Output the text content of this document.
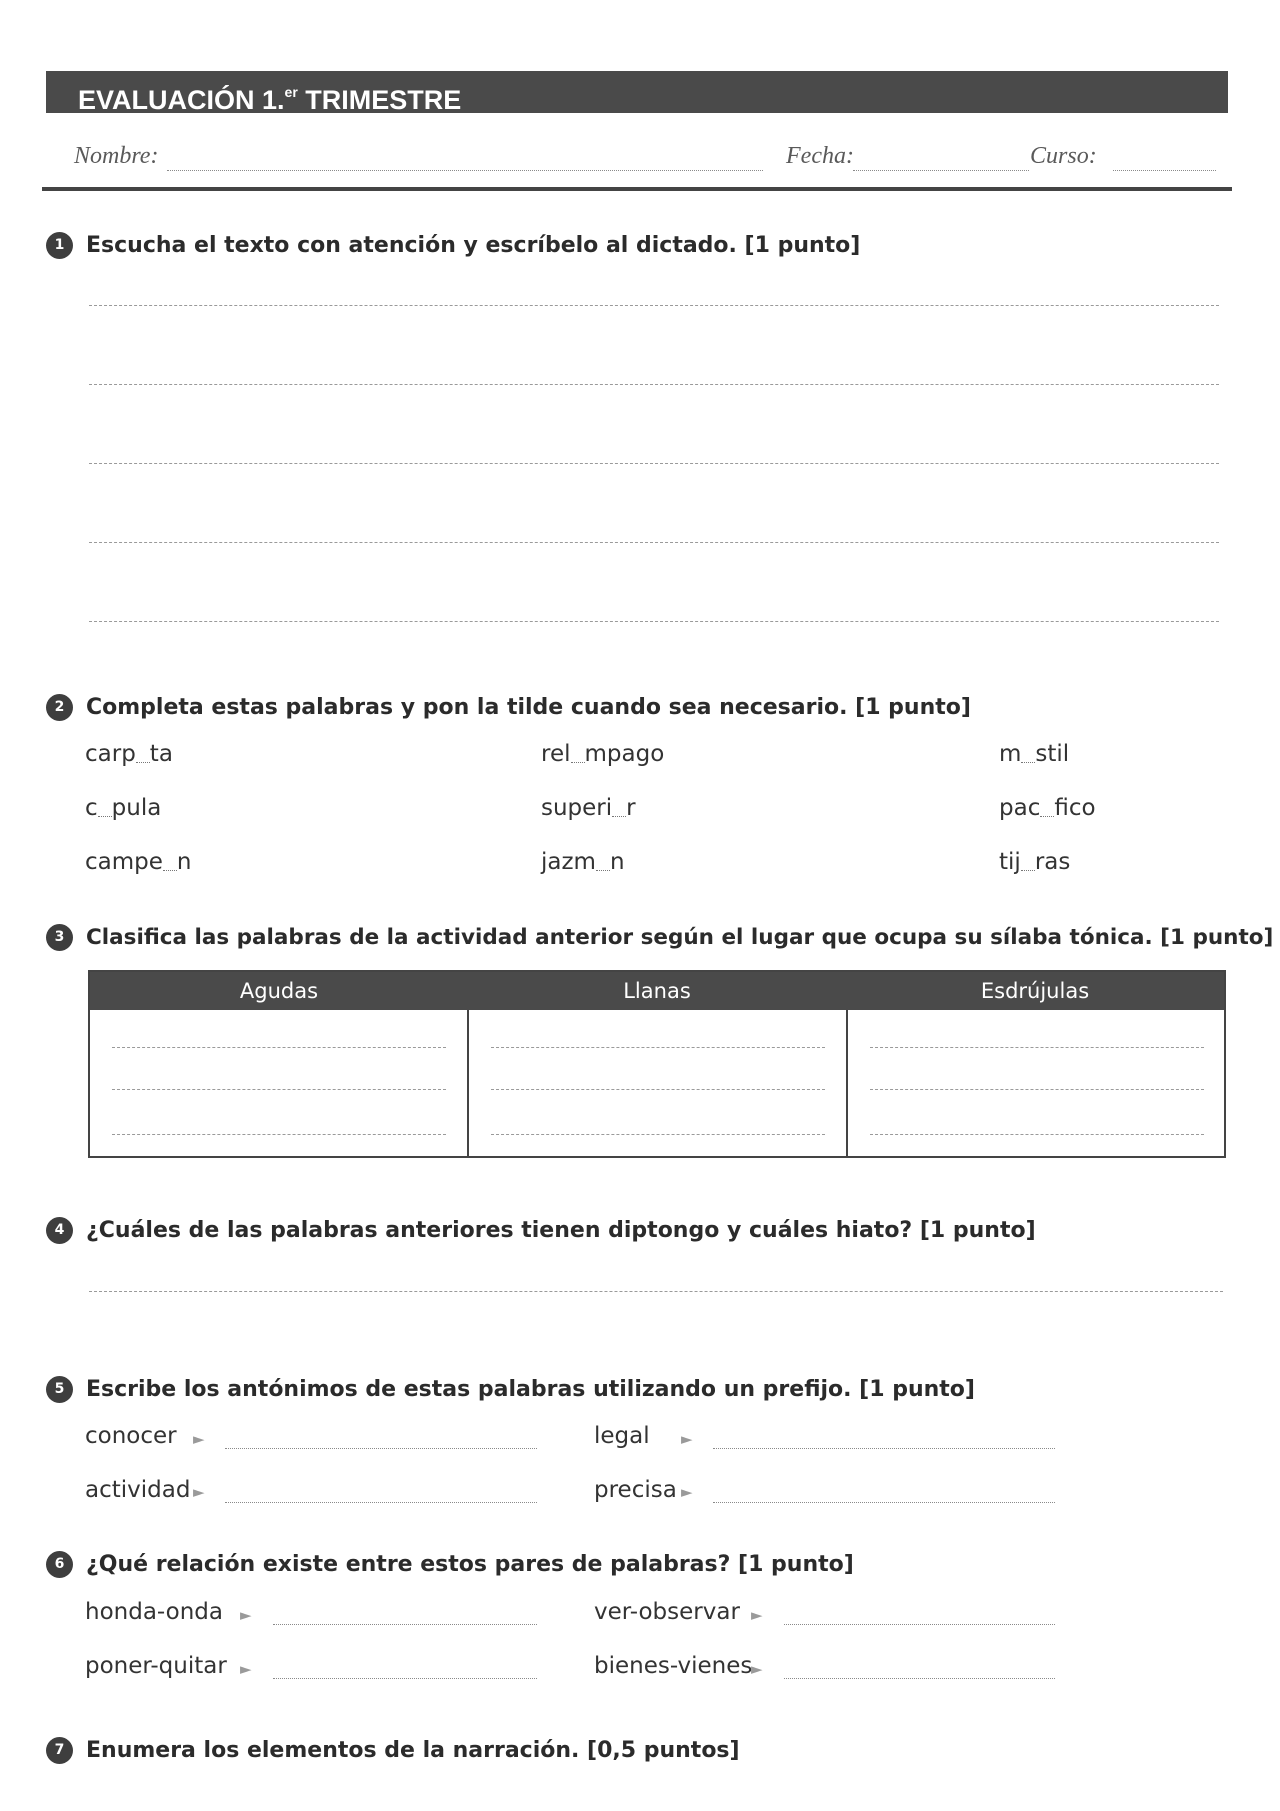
EVALUACIÓN 1.$^{er}$ TRIMESTRE
Nombre:	Fecha:	Curso:
1 Escucha el texto con atención y escríbelo al dictado. [1 punto]
2 Completa estas palabras y pon la tilde cuando sea necesario. [1 punto]
carp ta	rel mpago	m stil
c pula	superi r	pac fico
campe n	jazm n	tij ras
3	Clasifica las palabras de la actividad anterior según el lugar que ocupa su sílaba tónica. [1 punto]
Agudas	Llanas	Esdrújulas
4 ¿Cuáles de las palabras anteriores tienen diptongo y cuáles hiato? [1 punto]
5 Escribe los antónimos de estas palabras utilizando un prefijo. [1 punto]
conocer ►	legal ►
actividad ►	precisa ►
6 ¿Qué relación existe entre estos pares de palabras? [1 punto]
honda-onda ►	ver-observar ►
poner-quitar ►	bienes-vienes
►
7 Enumera los elementos de la narración. [0,5 puntos]
